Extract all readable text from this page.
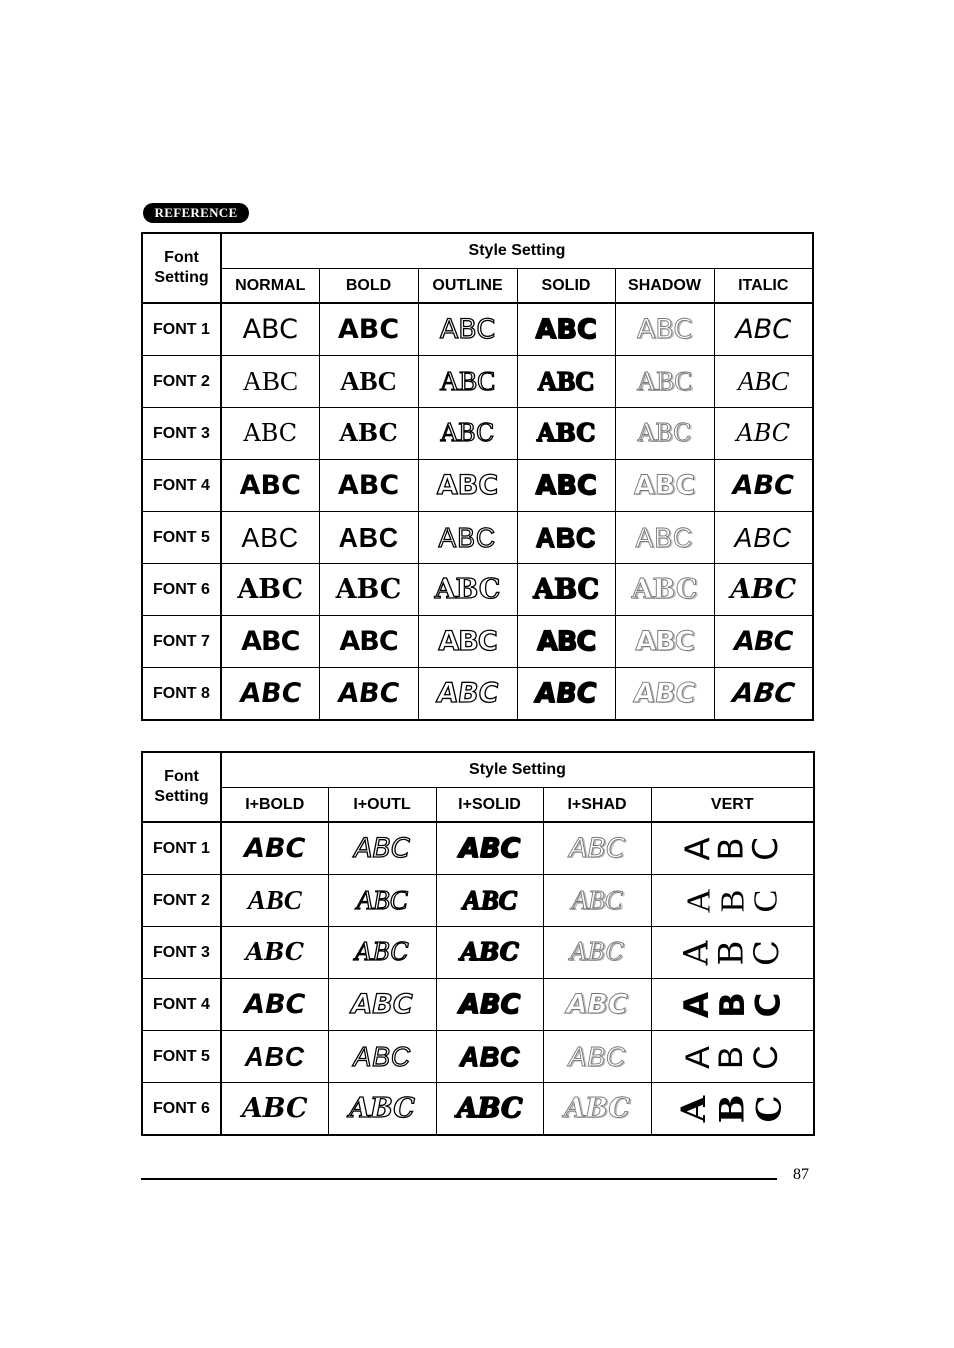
REFERENCE
Font
Setting	Style Setting					
	NORMAL	BOLD	OUTLINE	SOLID	SHADOW	ITALIC
FONT 1	ABC	ABC	ABC	ABC	ABC	ABC
FONT 2	ABC	ABC	ABC	ABC	ABC	ABC
FONT 3	ABC	ABC	ABC	ABC	ABC	ABC
FONT 4	ABC	ABC	ABC	ABC	ABC	ABC
FONT 5	ABC	ABC	ABC	ABC	ABC	ABC
FONT 6	ABC	ABC	ABC	ABC	ABC	ABC
FONT 7	ABC	ABC	ABC	ABC	ABC	ABC
FONT 8	ABC	ABC	ABC	ABC	ABC	ABC
Font
Setting	Style Setting				
	I+BOLD	I+OUTL	I+SOLID	I+SHAD	VERT
FONT 1	ABC	ABC	ABC	ABC	A
B
C

FONT 2	ABC	ABC	ABC	ABC	A
B
C

FONT 3	ABC	ABC	ABC	ABC	A
B
C

FONT 4	ABC	ABC	ABC	ABC	A
B
C

FONT 5	ABC	ABC	ABC	ABC	A
B
C

FONT 6	ABC	ABC	ABC	ABC	A
B
C
87
